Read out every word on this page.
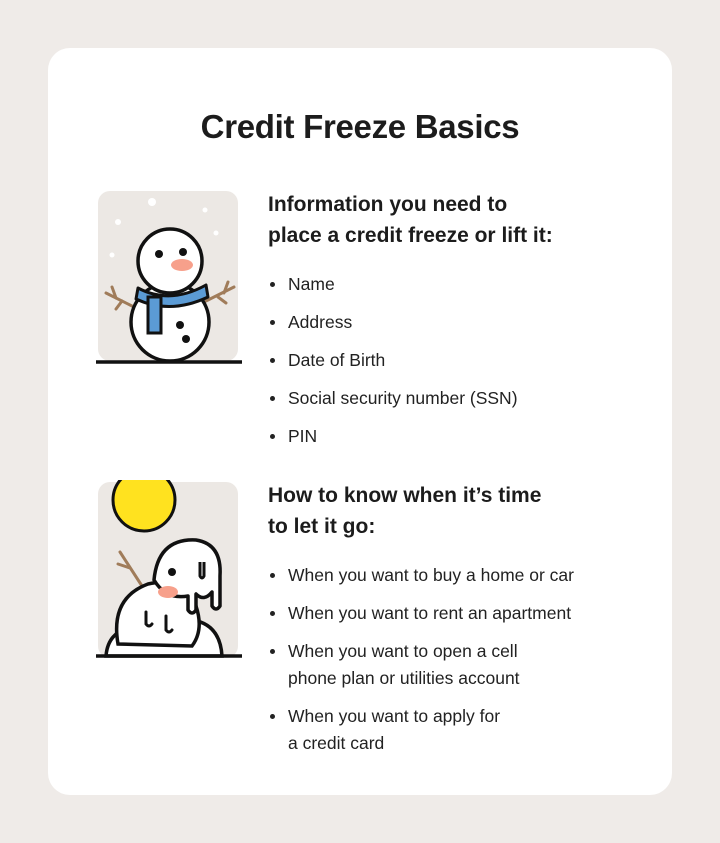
Credit Freeze Basics
Information you need to
place a credit freeze or lift it:
Name
Address
Date of Birth
Social security number (SSN)
PIN
How to know when it’s time
to let it go:
When you want to buy a home or car
When you want to rent an apartment
When you want to open a cell
phone plan or utilities account
When you want to apply for
a credit card
